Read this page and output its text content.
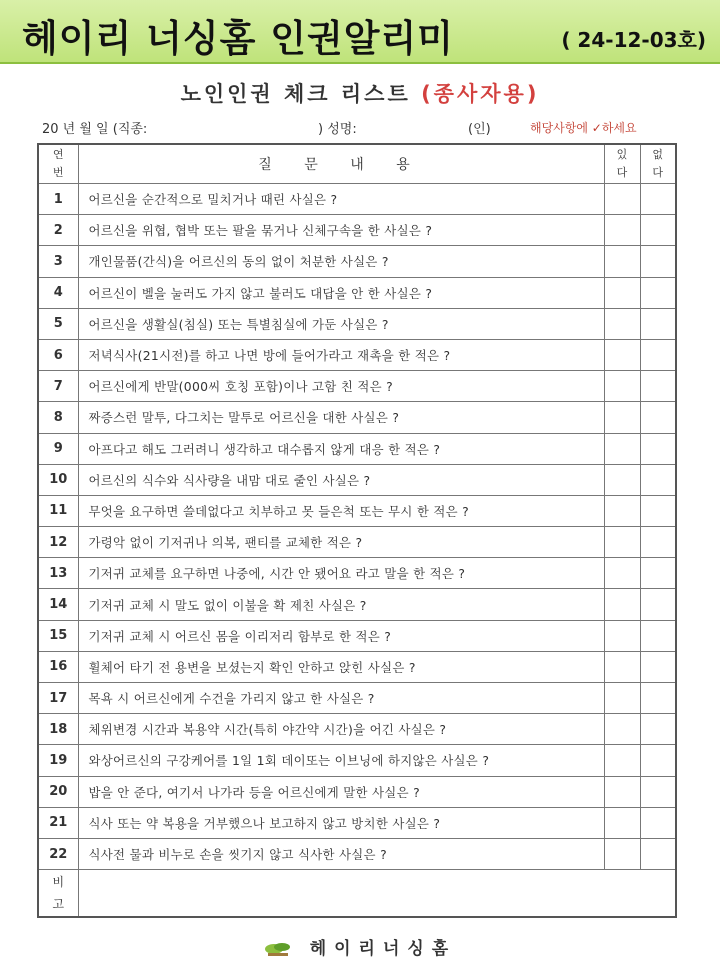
헤이리 너싱홈 인권알리미	( 24-12-03호)
노인인권 체크 리스트 (종사자용)
20 년 월 일 (직종:	) 성명:	(인)	해당사항에 ✓하세요
연번	질 문 내 용	있다	없다
1	어르신을 순간적으로 밀치거나 때린 사실은 ?		
2	어르신을 위협, 협박 또는 팔을 묶거나 신체구속을 한 사실은 ?		
3	개인물품(간식)을 어르신의 동의 없이 처분한 사실은 ?		
4	어르신이 벨을 눌러도 가지 않고 불러도 대답을 안 한 사실은 ?		
5	어르신을 생활실(침실) 또는 특별침실에 가둔 사실은 ?		
6	저녁식사(21시전)를 하고 나면 방에 들어가라고 재촉을 한 적은 ?		
7	어르신에게 반말(000씨 호칭 포함)이나 고함 친 적은 ?		
8	짜증스런 말투, 다그치는 말투로 어르신을 대한 사실은 ?		
9	아프다고 해도 그러려니 생각하고 대수롭지 않게 대응 한 적은 ?		
10	어르신의 식수와 식사량을 내맘 대로 줄인 사실은 ?		
11	무엇을 요구하면 쓸데없다고 치부하고 못 들은척 또는 무시 한 적은 ?		
12	가령악 없이 기저귀나 의복, 팬티를 교체한 적은 ?		
13	기저귀 교체를 요구하면 나중에, 시간 안 됐어요 라고 말을 한 적은 ?		
14	기저귀 교체 시 말도 없이 이불을 확 제친 사실은 ?		
15	기저귀 교체 시 어르신 몸을 이리저리 함부로 한 적은 ?		
16	휠체어 타기 전 용변을 보셨는지 확인 안하고 앉힌 사실은 ?		
17	목욕 시 어르신에게 수건을 가리지 않고 한 사실은 ?		
18	체위변경 시간과 복용약 시간(특히 야간약 시간)을 어긴 사실은 ?		
19	와상어르신의 구강케어를 1일 1회 데이또는 이브닝에 하지않은 사실은 ?		
20	밥을 안 준다, 여기서 나가라 등을 어르신에게 말한 사실은 ?		
21	식사 또는 약 복용을 거부했으나 보고하지 않고 방치한 사실은 ?		
22	식사전 물과 비누로 손을 씻기지 않고 식사한 사실은 ?		
비고			
헤이리너싱홈
